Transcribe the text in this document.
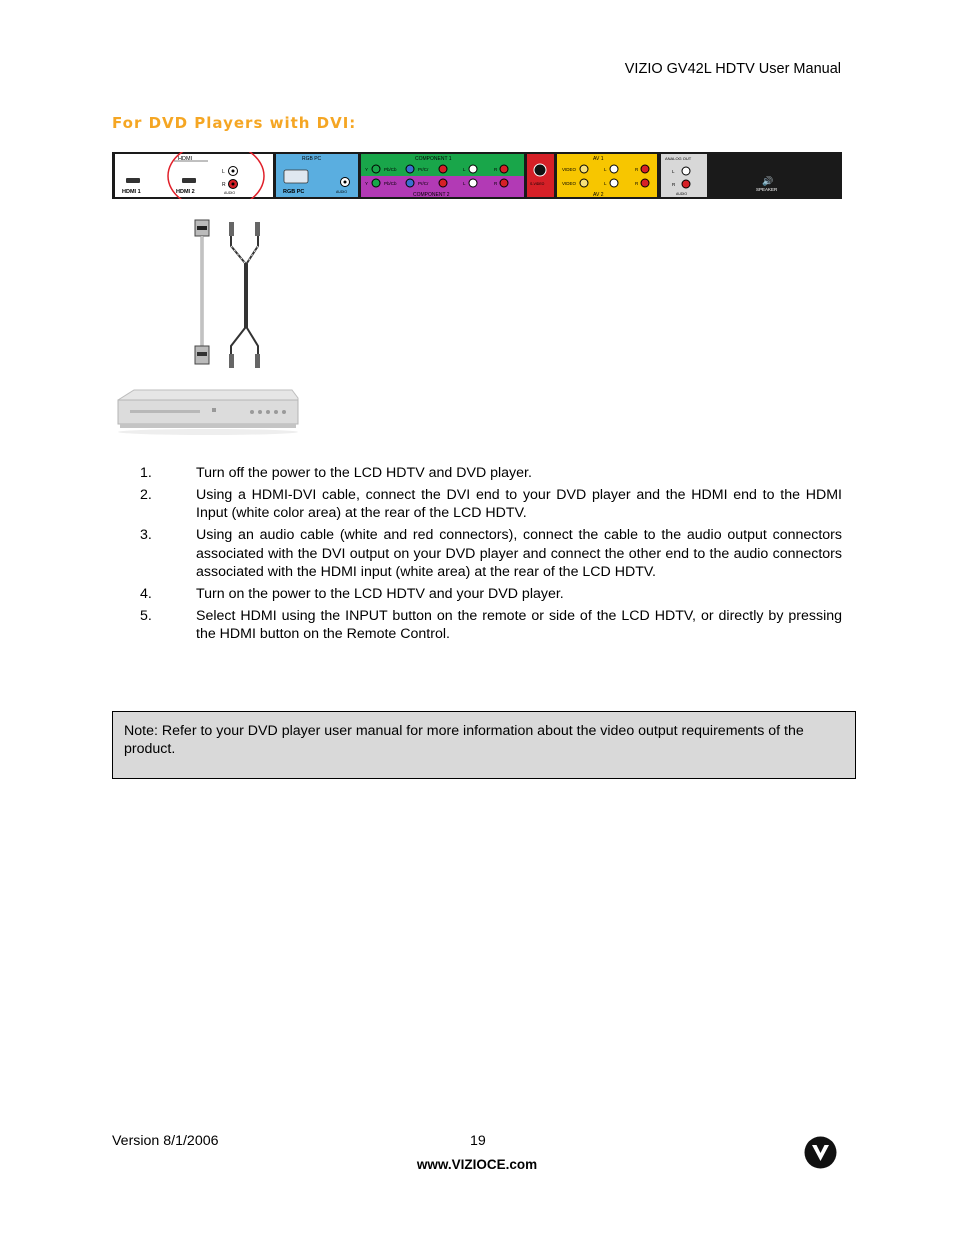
VIZIO GV42L HDTV User Manual
For DVD Players with DVI:
HDMI
HDMI 1	HDMI 2
L
R
AUDIO
RGB PC
RGB PC	AUDIO
COMPONENT 1
COMPONENT 2
Y	Pb/Cb	Pr/Cr	L	R
Y	Pb/Cb	Pr/Cr	L	R	S-VIDEO
AV 1
AV 2
VIDEO	L	R
VIDEO	L	R
ANALOG OUT
L
R
AUDIO
🔊
SPEAKER
1.	Turn off the power to the LCD HDTV and DVD player.
2.	Using a HDMI-DVI cable, connect the DVI end to your DVD player and the HDMI end to the HDMI Input (white color area) at the rear of the LCD HDTV.
3.	Using an audio cable (white and red connectors), connect the cable to the audio output connectors associated with the DVI output on your DVD player and connect the other end to the audio connectors associated with the HDMI input (white area) at the rear of the LCD HDTV.
4.	Turn on the power to the LCD HDTV and your DVD player.
5.	Select HDMI using the INPUT button on the remote or side of the LCD HDTV, or directly by pressing the HDMI button on the Remote Control.
Note: Refer to your DVD player user manual for more information about the video output requirements of the product.
Version 8/1/2006	19
www.VIZIOCE.com
